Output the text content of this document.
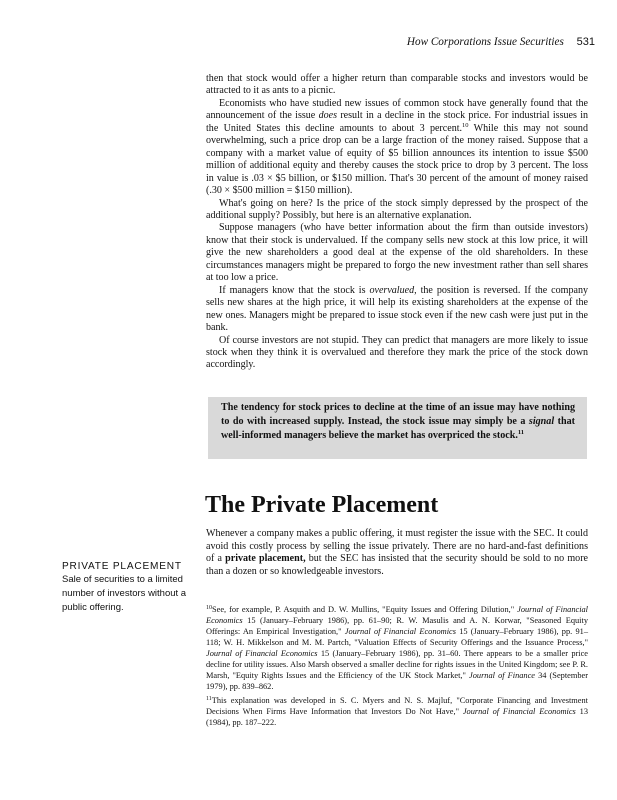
How Corporations Issue Securities 531

then that stock would offer a higher return than comparable stocks and investors would be attracted to it as ants to a picnic.

Economists who have studied new issues of common stock have generally found that the announcement of the issue does result in a decline in the stock price. For industrial issues in the United States this decline amounts to about 3 percent.$^{10}$ While this may not sound overwhelming, such a price drop can be a large fraction of the money raised. Suppose that a company with a market value of equity of $5 billion announces its intention to issue $500 million of additional equity and thereby causes the stock price to drop by 3 percent. The loss in value is .03 × $5 billion, or $150 million. That's 30 percent of the amount of money raised (.30 × $500 million = $150 million).

What's going on here? Is the price of the stock simply depressed by the prospect of the additional supply? Possibly, but here is an alternative explanation.

Suppose managers (who have better information about the firm than outside investors) know that their stock is undervalued. If the company sells new stock at this low price, it will give the new shareholders a good deal at the expense of the old shareholders. In these circumstances managers might be prepared to forgo the new investment rather than sell shares at too low a price.

If managers know that the stock is overvalued, the position is reversed. If the company sells new shares at the high price, it will help its existing shareholders at the expense of the new ones. Managers might be prepared to issue stock even if the new cash were just put in the bank.

Of course investors are not stupid. They can predict that managers are more likely to issue stock when they think it is overvalued and therefore they mark the price of the stock down accordingly.

The tendency for stock prices to decline at the time of an issue may have nothing to do with increased supply. Instead, the stock issue may simply be a signal that well-informed managers believe the market has overpriced the stock.$^{11}$
The Private Placement

Whenever a company makes a public offering, it must register the issue with the SEC. It could avoid this costly process by selling the issue privately. There are no hard-and-fast definitions of a private placement, but the SEC has insisted that the security should be sold to no more than a dozen or so knowledgeable investors.

PRIVATE PLACEMENT
Sale of securities to a limited number of investors without a public offering.	$^{10}$See, for example, P. Asquith and D. W. Mullins, "Equity Issues and Offering Dilution," Journal of Financial Economics 15 (January–February 1986), pp. 61–90; R. W. Masulis and A. N. Korwar, "Seasoned Equity Offerings: An Empirical Investigation," Journal of Financial Economics 15 (January–February 1986), pp. 91–118; W. H. Mikkelson and M. M. Partch, "Valuation Effects of Security Offerings and the Issuance Process," Journal of Financial Economics 15 (January–February 1986), pp. 31–60. There appears to be a smaller price decline for utility issues. Also Marsh observed a smaller decline for rights issues in the United Kingdom; see P. R. Marsh, "Equity Rights Issues and the Efficiency of the UK Stock Market," Journal of Finance 34 (September 1979), pp. 839–862.

$^{11}$This explanation was developed in S. C. Myers and N. S. Majluf, "Corporate Financing and Investment Decisions When Firms Have Information that Investors Do Not Have," Journal of Financial Economics 13 (1984), pp. 187–222.
